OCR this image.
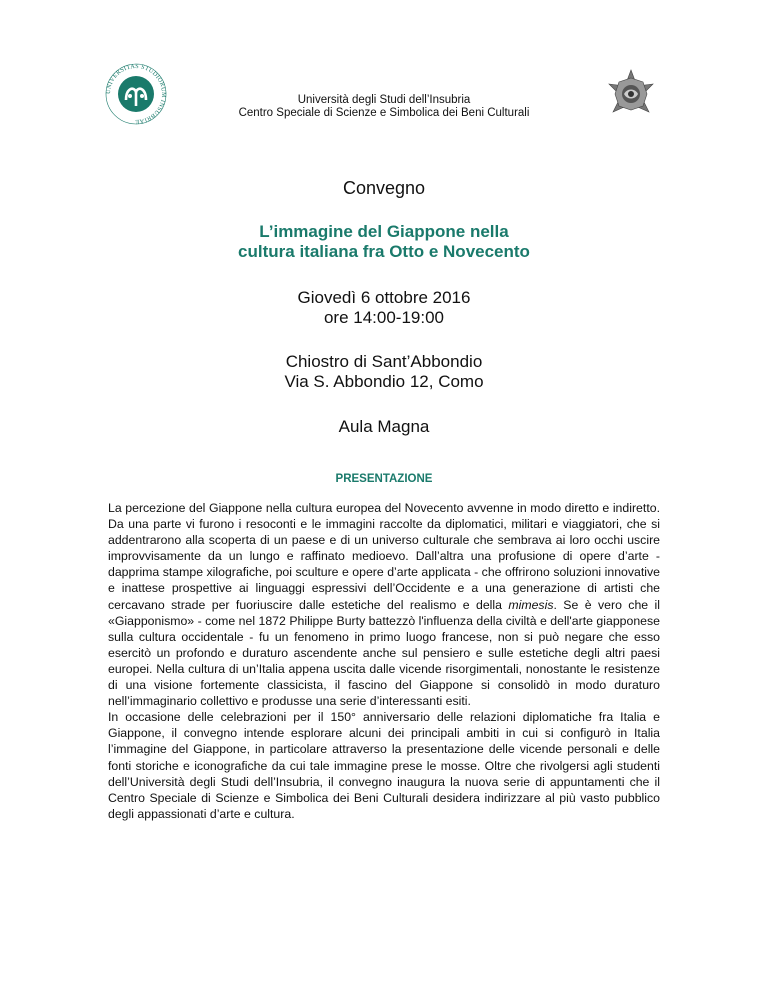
UNIVERSITAS STUDIORUM INSUBRIAE
Università degli Studi dell’Insubria
Centro Speciale di Scienze e Simbolica dei Beni Culturali
Convegno
L’immagine del Giappone nella
cultura italiana fra Otto e Novecento
Giovedì 6 ottobre 2016
ore 14:00-19:00
Chiostro di Sant’Abbondio
Via S. Abbondio 12, Como
Aula Magna
PRESENTAZIONE

La percezione del Giappone nella cultura europea del Novecento avvenne in modo diretto e indiretto. Da una parte vi furono i resoconti e le immagini raccolte da diplomatici, militari e viaggiatori, che si addentrarono alla scoperta di un paese e di un universo culturale che sembrava ai loro occhi uscire improvvisamente da un lungo e raffinato medioevo. Dall’altra una profusione di opere d’arte - dapprima stampe xilografiche, poi sculture e opere d’arte applicata - che offrirono soluzioni innovative e inattese prospettive ai linguaggi espressivi dell’Occidente e a una generazione di artisti che cercavano strade per fuoriuscire dalle estetiche del realismo e della mimesis. Se è vero che il «Giapponismo» - come nel 1872 Philippe Burty battezzò l'influenza della civiltà e dell'arte giapponese sulla cultura occidentale - fu un fenomeno in primo luogo francese, non si può negare che esso esercitò un profondo e duraturo ascendente anche sul pensiero e sulle estetiche degli altri paesi europei. Nella cultura di un’Italia appena uscita dalle vicende risorgimentali, nonostante le resistenze di una visione fortemente classicista, il fascino del Giappone si consolidò in modo duraturo nell’immaginario collettivo e produsse una serie d’interessanti esiti.

In occasione delle celebrazioni per il 150° anniversario delle relazioni diplomatiche fra Italia e Giappone, il convegno intende esplorare alcuni dei principali ambiti in cui si configurò in Italia l’immagine del Giappone, in particolare attraverso la presentazione delle vicende personali e delle fonti storiche e iconografiche da cui tale immagine prese le mosse. Oltre che rivolgersi agli studenti dell’Università degli Studi dell’Insubria, il convegno inaugura la nuova serie di appuntamenti che il Centro Speciale di Scienze e Simbolica dei Beni Culturali desidera indirizzare al più vasto pubblico degli appassionati d’arte e cultura.
